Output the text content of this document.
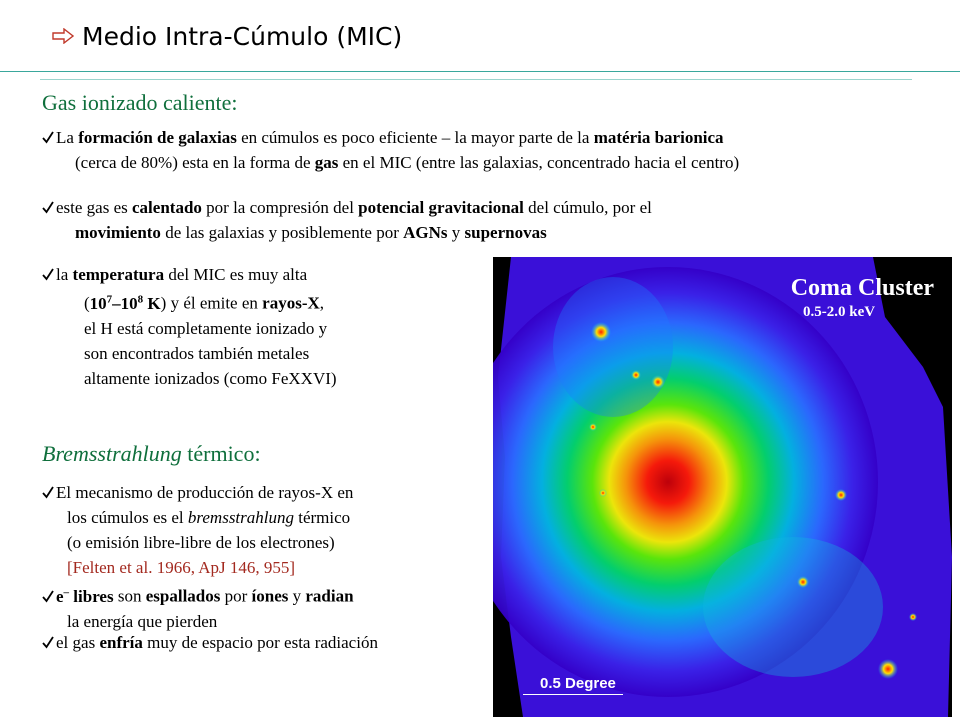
Medio Intra-Cúmulo (MIC)
Gas ionizado caliente:
La formación de galaxias en cúmulos es poco eficiente – la mayor parte de la matéria barionica
(cerca de 80%) esta en la forma de gas en el MIC (entre las galaxias, concentrado hacia el centro)
este gas es calentado por la compresión del potencial gravitacional del cúmulo, por el
movimiento de las galaxias y posiblemente por AGNs y supernovas
la temperatura del MIC es muy alta
($10^7-10^8$ K) y él emite en rayos-X,
el H está completamente ionizado y
son encontrados también metales
altamente ionizados (como FeXXVI)
Bremsstrahlung térmico:
El mecanismo de producción de rayos-X en
los cúmulos es el bremsstrahlung térmico
(o emisión libre-libre de los electrones)
[Felten et al. 1966, ApJ 146, 955]
e– libres son espallados por íones y radian
la energía que pierden
el gas enfría muy de espacio por esta radiación
Coma Cluster
0.5-2.0 keV
0.5 Degree
